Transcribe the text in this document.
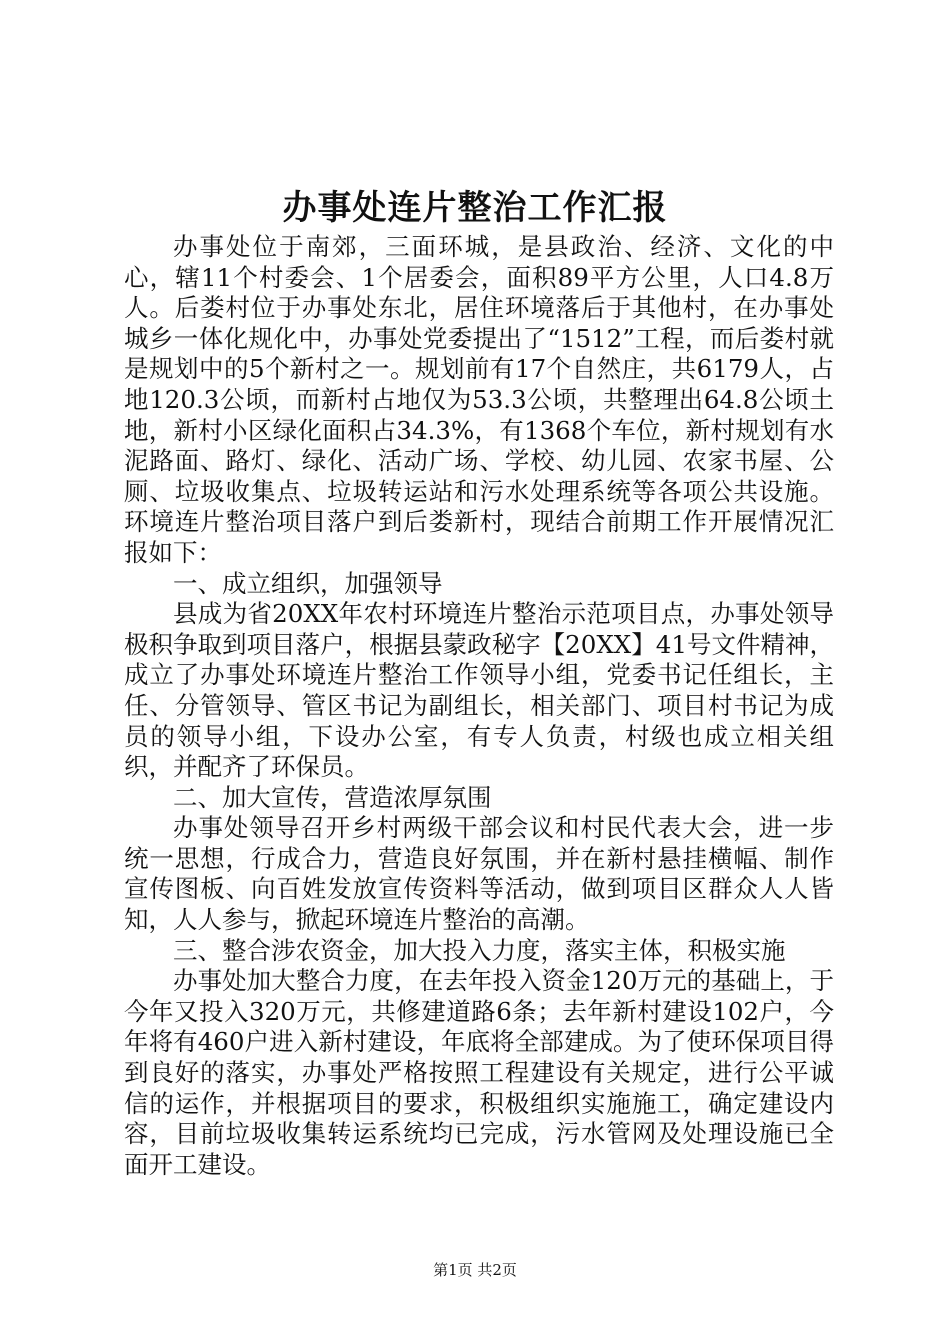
办事处连片整治工作汇报

办事处位于南郊，三面环城，是县政治、经济、文化的中心，辖11个村委会、1个居委会，面积89平方公里，人口4.8万人。后娄村位于办事处东北，居住环境落后于其他村，在办事处城乡一体化规化中，办事处党委提出了“1512”工程，而后娄村就是规划中的5个新村之一。规划前有17个自然庄，共6179人，占地120.3公顷，而新村占地仅为53.3公顷，共整理出64.8公顷土地，新村小区绿化面积占34.3%，有1368个车位，新村规划有水泥路面、路灯、绿化、活动广场、学校、幼儿园、农家书屋、公厕、垃圾收集点、垃圾转运站和污水处理系统等各项公共设施。环境连片整治项目落户到后娄新村，现结合前期工作开展情况汇报如下：

一、成立组织，加强领导

县成为省20XX年农村环境连片整治示范项目点，办事处领导极积争取到项目落户，根据县蒙政秘字【20XX】41号文件精神，成立了办事处环境连片整治工作领导小组，党委书记任组长，主任、分管领导、管区书记为副组长，相关部门、项目村书记为成员的领导小组，下设办公室，有专人负责，村级也成立相关组织，并配齐了环保员。

二、加大宣传，营造浓厚氛围

办事处领导召开乡村两级干部会议和村民代表大会，进一步统一思想，行成合力，营造良好氛围，并在新村悬挂横幅、制作宣传图板、向百姓发放宣传资料等活动，做到项目区群众人人皆知，人人参与，掀起环境连片整治的高潮。

三、整合涉农资金，加大投入力度，落实主体，积极实施

办事处加大整合力度，在去年投入资金120万元的基础上，于今年又投入320万元，共修建道路6条；去年新村建设102户，今年将有460户进入新村建设，年底将全部建成。为了使环保项目得到良好的落实，办事处严格按照工程建设有关规定，进行公平诚信的运作，并根据项目的要求，积极组织实施施工，确定建设内容，目前垃圾收集转运系统均已完成，污水管网及处理设施已全面开工建设。

第1页 共2页
